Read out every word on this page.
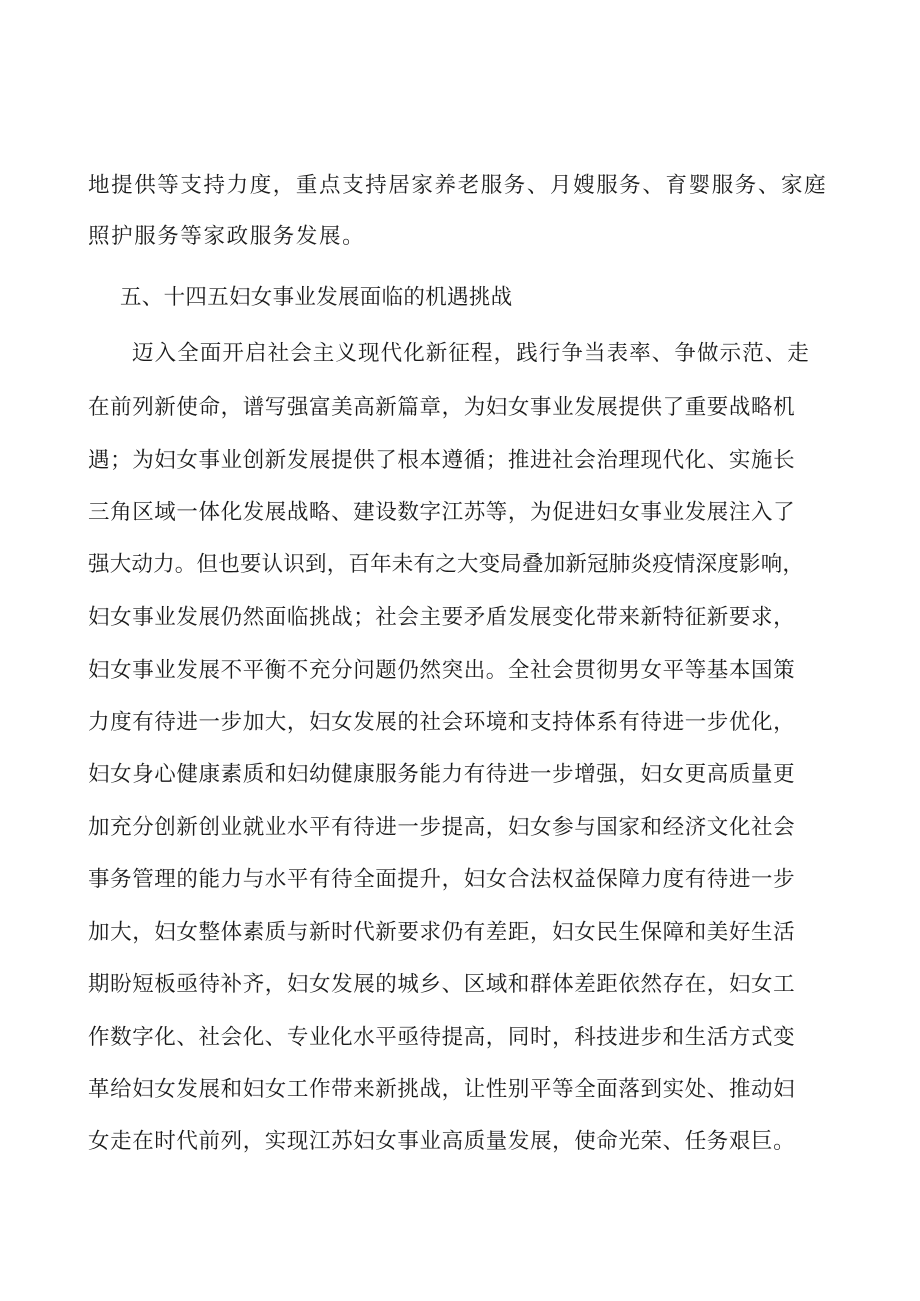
地提供等支持力度，重点支持居家养老服务、月嫂服务、育婴服务、家庭
照护服务等家政服务发展。
五、十四五妇女事业发展面临的机遇挑战
迈入全面开启社会主义现代化新征程，践行争当表率、争做示范、走
在前列新使命，谱写强富美高新篇章，为妇女事业发展提供了重要战略机
遇；为妇女事业创新发展提供了根本遵循；推进社会治理现代化、实施长
三角区域一体化发展战略、建设数字江苏等，为促进妇女事业发展注入了
强大动力。但也要认识到，百年未有之大变局叠加新冠肺炎疫情深度影响，
妇女事业发展仍然面临挑战；社会主要矛盾发展变化带来新特征新要求，
妇女事业发展不平衡不充分问题仍然突出。全社会贯彻男女平等基本国策
力度有待进一步加大，妇女发展的社会环境和支持体系有待进一步优化，
妇女身心健康素质和妇幼健康服务能力有待进一步增强，妇女更高质量更
加充分创新创业就业水平有待进一步提高，妇女参与国家和经济文化社会
事务管理的能力与水平有待全面提升，妇女合法权益保障力度有待进一步
加大，妇女整体素质与新时代新要求仍有差距，妇女民生保障和美好生活
期盼短板亟待补齐，妇女发展的城乡、区域和群体差距依然存在，妇女工
作数字化、社会化、专业化水平亟待提高，同时，科技进步和生活方式变
革给妇女发展和妇女工作带来新挑战，让性别平等全面落到实处、推动妇
女走在时代前列，实现江苏妇女事业高质量发展，使命光荣、任务艰巨。
